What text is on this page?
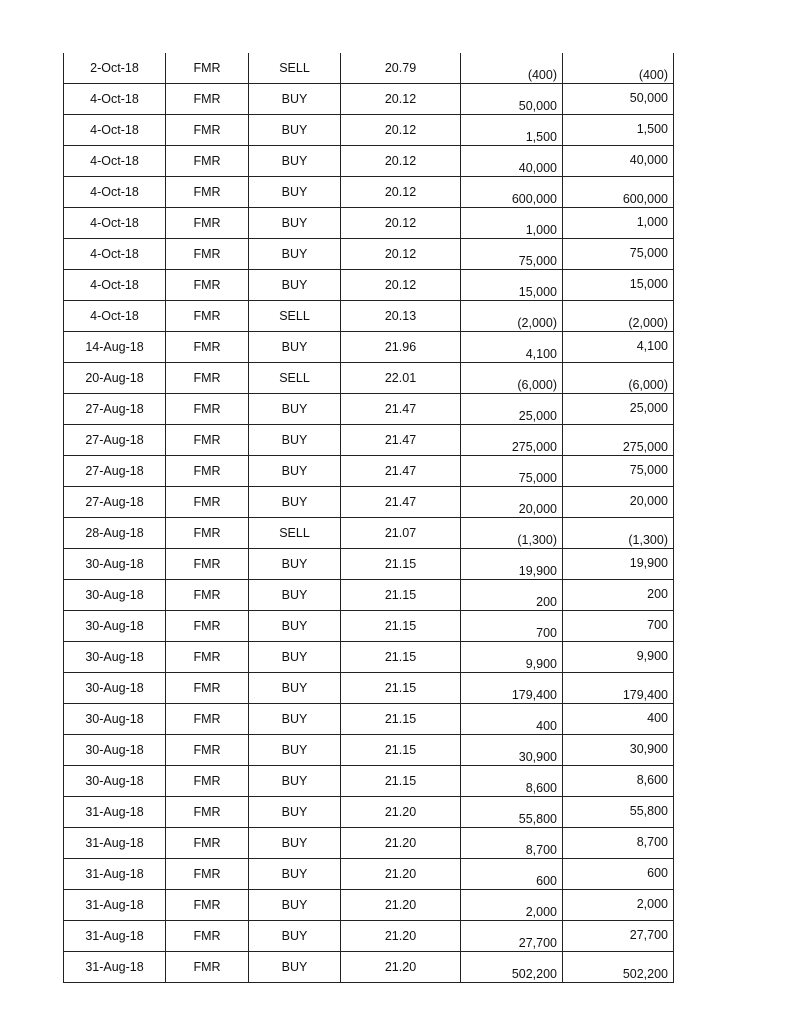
2-Oct-18	FMR	SELL	20.79	(400)	(400)

4-Oct-18	FMR	BUY	20.12	50,000	50,000

4-Oct-18	FMR	BUY	20.12	1,500	1,500

4-Oct-18	FMR	BUY	20.12	40,000	40,000

4-Oct-18	FMR	BUY	20.12	600,000	600,000

4-Oct-18	FMR	BUY	20.12	1,000	1,000

4-Oct-18	FMR	BUY	20.12	75,000	75,000

4-Oct-18	FMR	BUY	20.12	15,000	15,000

4-Oct-18	FMR	SELL	20.13	(2,000)	(2,000)

14-Aug-18	FMR	BUY	21.96	4,100	4,100

20-Aug-18	FMR	SELL	22.01	(6,000)	(6,000)

27-Aug-18	FMR	BUY	21.47	25,000	25,000

27-Aug-18	FMR	BUY	21.47	275,000	275,000

27-Aug-18	FMR	BUY	21.47	75,000	75,000

27-Aug-18	FMR	BUY	21.47	20,000	20,000

28-Aug-18	FMR	SELL	21.07	(1,300)	(1,300)

30-Aug-18	FMR	BUY	21.15	19,900	19,900

30-Aug-18	FMR	BUY	21.15	200	200

30-Aug-18	FMR	BUY	21.15	700	700

30-Aug-18	FMR	BUY	21.15	9,900	9,900

30-Aug-18	FMR	BUY	21.15	179,400	179,400

30-Aug-18	FMR	BUY	21.15	400	400

30-Aug-18	FMR	BUY	21.15	30,900	30,900

30-Aug-18	FMR	BUY	21.15	8,600	8,600

31-Aug-18	FMR	BUY	21.20	55,800	55,800

31-Aug-18	FMR	BUY	21.20	8,700	8,700

31-Aug-18	FMR	BUY	21.20	600	600

31-Aug-18	FMR	BUY	21.20	2,000	2,000

31-Aug-18	FMR	BUY	21.20	27,700	27,700

31-Aug-18	FMR	BUY	21.20	502,200	502,200
